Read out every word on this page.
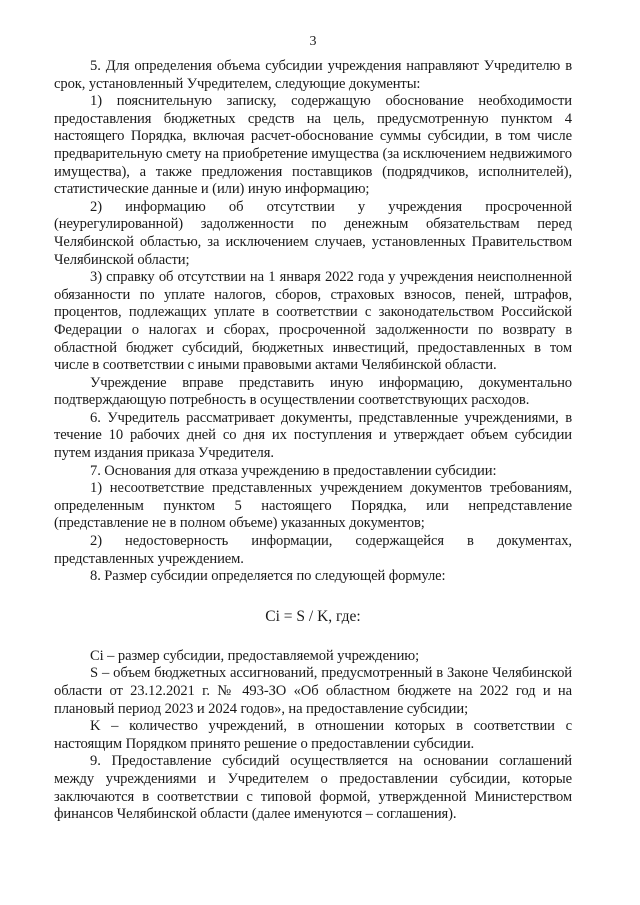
3

5. Для определения объема субсидии учреждения направляют Учредителю в срок, установленный Учредителем, следующие документы:

1) пояснительную записку, содержащую обоснование необходимости предоставления бюджетных средств на цель, предусмотренную пунктом 4 настоящего Порядка, включая расчет-обоснование суммы субсидии, в том числе предварительную смету на приобретение имущества (за исключением недвижимого имущества), а также предложения поставщиков (подрядчиков, исполнителей), статистические данные и (или) иную информацию;

2) информацию об отсутствии у учреждения просроченной (неурегулированной) задолженности по денежным обязательствам перед Челябинской областью, за исключением случаев, установленных Правительством Челябинской области;

3) справку об отсутствии на 1 января 2022 года у учреждения неисполненной обязанности по уплате налогов, сборов, страховых взносов, пеней, штрафов, процентов, подлежащих уплате в соответствии с законодательством Российской Федерации о налогах и сборах, просроченной задолженности по возврату в областной бюджет субсидий, бюджетных инвестиций, предоставленных в том числе в соответствии с иными правовыми актами Челябинской области.

Учреждение вправе представить иную информацию, документально подтверждающую потребность в осуществлении соответствующих расходов.

6. Учредитель рассматривает документы, представленные учреждениями, в течение 10 рабочих дней со дня их поступления и утверждает объем субсидии путем издания приказа Учредителя.

7. Основания для отказа учреждению в предоставлении субсидии:

1) несоответствие представленных учреждением документов требованиям, определенным пунктом 5 настоящего Порядка, или непредставление (представление не в полном объеме) указанных документов;

2) недостоверность информации, содержащейся в документах, представленных учреждением.

8. Размер субсидии определяется по следующей формуле:

Ci = S / K, где:

Ci – размер субсидии, предоставляемой учреждению;

S – объем бюджетных ассигнований, предусмотренный в Законе Челябинской области от 23.12.2021 г. № 493-ЗО «Об областном бюджете на 2022 год и на плановый период 2023 и 2024 годов», на предоставление субсидии;

K – количество учреждений, в отношении которых в соответствии с настоящим Порядком принято решение о предоставлении субсидии.

9. Предоставление субсидий осуществляется на основании соглашений между учреждениями и Учредителем о предоставлении субсидии, которые заключаются в соответствии с типовой формой, утвержденной Министерством финансов Челябинской области (далее именуются – соглашения).
